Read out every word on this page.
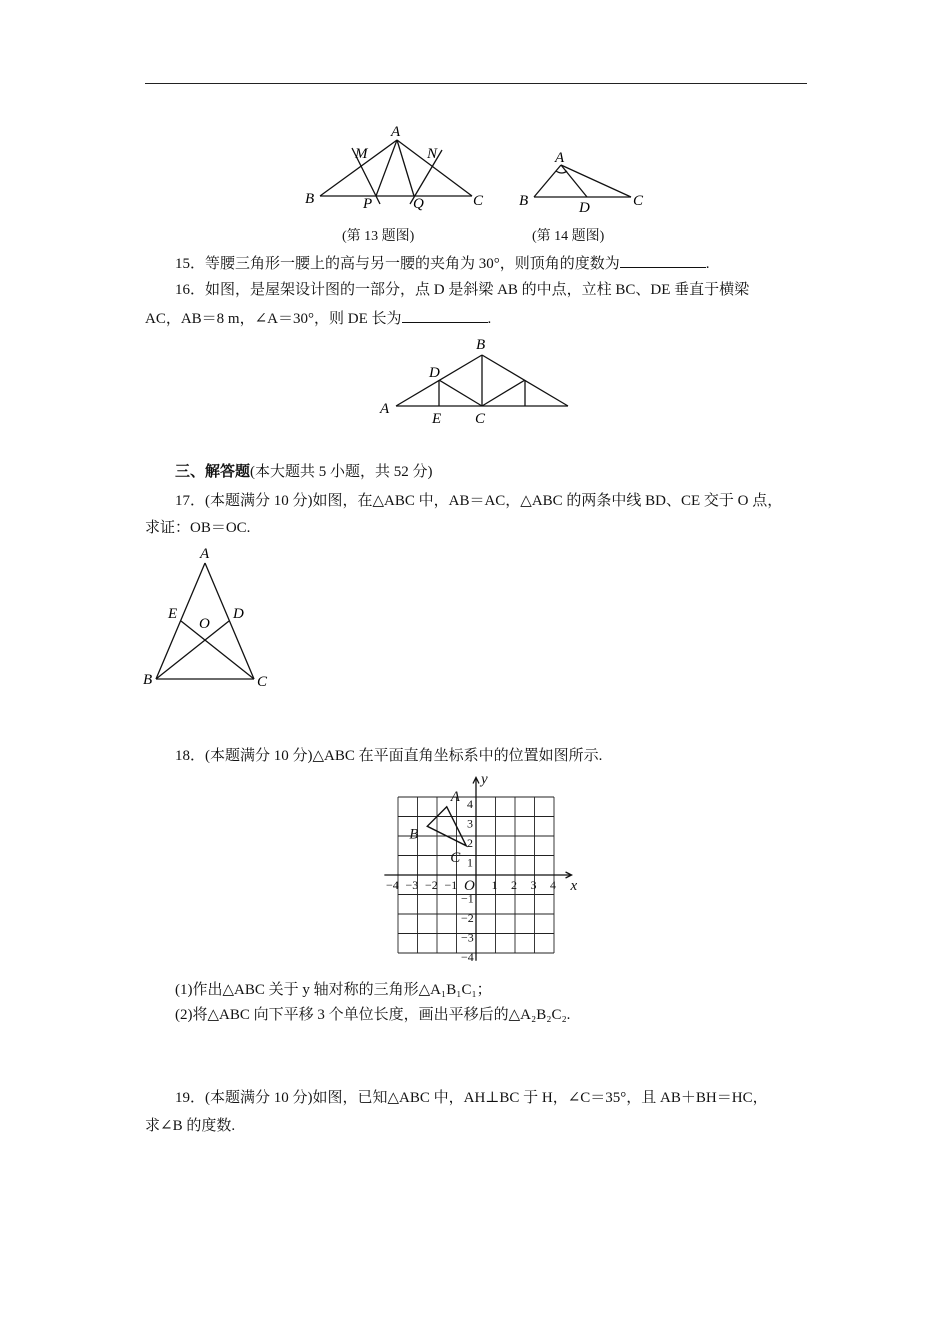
A
M	N
B	P	Q	C
(第 13 题图)
A
B	D	C
(第 14 题图)
15．等腰三角形一腰上的高与另一腰的夹角为 30°，则顶角的度数为	.
16．如图，是屋架设计图的一部分，点 D 是斜梁 AB 的中点，立柱 BC、DE 垂直于横梁
AC，AB＝8 m，∠A＝30°，则 DE 长为	.
B
D
A
E C
三、解答题(本大题共 5 小题，共 52 分)
17．(本题满分 10 分)如图，在△ABC 中，AB＝AC，△ABC 的两条中线 BD、CE 交于 O 点，
求证：OB＝OC.
A
E
O
D
B	C
18．(本题满分 10 分)△ABC 在平面直角坐标系中的位置如图所示.
−4 −3 −2 −1	1 2 3 4
4
3
2
1
−1
−2
−3
−4
O	x
y
A
B
C
(1)作出△ABC 关于 y 轴对称的三角形△A₁B₁C₁；
(2)将△ABC 向下平移 3 个单位长度，画出平移后的△A₂B₂C₂.
19．(本题满分 10 分)如图，已知△ABC 中，AH⊥BC 于 H，∠C＝35°，且 AB＋BH＝HC，
求∠B 的度数.
